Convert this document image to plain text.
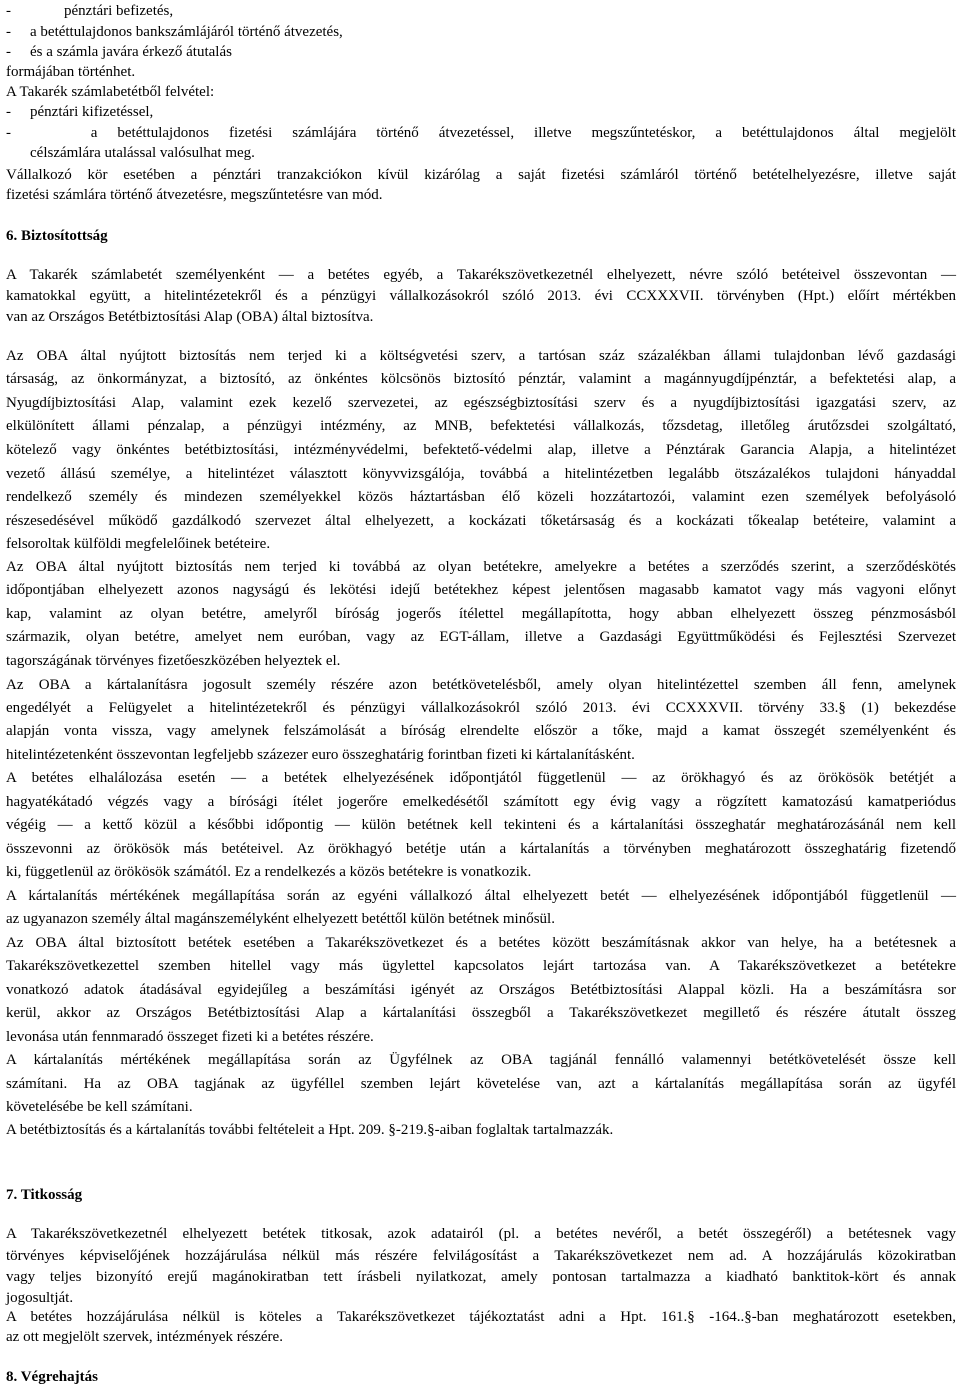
-	pénztári befizetés,
- a betéttulajdonos bankszámlájáról történő átvezetés,
- és a számla javára érkező átutalás
formájában történhet.
A Takarék számlabetétből felvétel:
- pénztári kifizetéssel,
-	a betéttulajdonos fizetési számlájára történő átvezetéssel, illetve megszűntetéskor, a betéttulajdonos által megjelölt
célszámlára utalással valósulhat meg.
Vállalkozó kör esetében a pénztári tranzakciókon kívül kizárólag a saját fizetési számláról történő betételhelyezésre, illetve saját
fizetési számlára történő átvezetésre, megszűntetésre van mód.
6. Biztosítottság
A Takarék számlabetét személyenként ― a betétes egyéb, a Takarékszövetkezetnél elhelyezett, névre szóló betéteivel összevontan ―
kamatokkal együtt, a hitelintézetekről és a pénzügyi vállalkozásokról szóló 2013. évi CCXXXVII. törvényben (Hpt.) előírt mértékben
van az Országos Betétbiztosítási Alap (OBA) által biztosítva.
Az OBA által nyújtott biztosítás nem terjed ki a költségvetési szerv, a tartósan száz százalékban állami tulajdonban lévő gazdasági
társaság, az önkormányzat, a biztosító, az önkéntes kölcsönös biztosító pénztár, valamint a magánnyugdíjpénztár, a befektetési alap, a
Nyugdíjbiztosítási Alap, valamint ezek kezelő szervezetei, az egészségbiztosítási szerv és a nyugdíjbiztosítási igazgatási szerv, az
elkülönített állami pénzalap, a pénzügyi intézmény, az MNB, befektetési vállalkozás, tőzsdetag, illetőleg árutőzsdei szolgáltató,
kötelező vagy önkéntes betétbiztosítási, intézményvédelmi, befektető-védelmi alap, illetve a Pénztárak Garancia Alapja, a hitelintézet
vezető állású személye, a hitelintézet választott könyvvizsgálója, továbbá a hitelintézetben legalább ötszázalékos tulajdoni hányaddal
rendelkező személy és mindezen személyekkel közös háztartásban élő közeli hozzátartozói, valamint ezen személyek befolyásoló
részesedésével működő gazdálkodó szervezet által elhelyezett, a kockázati tőketársaság és a kockázati tőkealap betéteire, valamint a
felsoroltak külföldi megfelelőinek betéteire.
Az OBA által nyújtott biztosítás nem terjed ki továbbá az olyan betétekre, amelyekre a betétes a szerződés szerint, a szerződéskötés
időpontjában elhelyezett azonos nagyságú és lekötési idejű betétekhez képest jelentősen magasabb kamatot vagy más vagyoni előnyt
kap, valamint az olyan betétre, amelyről bíróság jogerős ítélettel megállapította, hogy abban elhelyezett összeg pénzmosásból
származik, olyan betétre, amelyet nem euróban, vagy az EGT-állam, illetve a Gazdasági Együttműködési és Fejlesztési Szervezet
tagországának törvényes fizetőeszközében helyeztek el.
Az OBA a kártalanításra jogosult személy részére azon betétkövetelésből, amely olyan hitelintézettel szemben áll fenn, amelynek
engedélyét a Felügyelet a hitelintézetekről és pénzügyi vállalkozásokról szóló 2013. évi CCXXXVII. törvény 33.§ (1) bekezdése
alapján vonta vissza, vagy amelynek felszámolását a bíróság elrendelte először a tőke, majd a kamat összegét személyenként és
hitelintézetenként összevontan legfeljebb százezer euro összeghatárig forintban fizeti ki kártalanításként.
A betétes elhalálozása esetén ― a betétek elhelyezésének időpontjától függetlenül ― az örökhagyó és az örökösök betétjét a
hagyatékátadó végzés vagy a bírósági ítélet jogerőre emelkedésétől számított egy évig vagy a rögzített kamatozású kamatperiódus
végéig ― a kettő közül a későbbi időpontig ― külön betétnek kell tekinteni és a kártalanítási összeghatár meghatározásánál nem kell
összevonni az örökösök más betéteivel. Az örökhagyó betétje után a kártalanítás a törvényben meghatározott összeghatárig fizetendő
ki, függetlenül az örökösök számától. Ez a rendelkezés a közös betétekre is vonatkozik.
A kártalanítás mértékének megállapítása során az egyéni vállalkozó által elhelyezett betét ― elhelyezésének időpontjából függetlenül ―
az ugyanazon személy által magánszemélyként elhelyezett betéttől külön betétnek minősül.
Az OBA által biztosított betétek esetében a Takarékszövetkezet és a betétes között beszámításnak akkor van helye, ha a betétesnek a
Takarékszövetkezettel szemben hitellel vagy más ügylettel kapcsolatos lejárt tartozása van. A Takarékszövetkezet a betétekre
vonatkozó adatok átadásával egyidejűleg a beszámítási igényét az Országos Betétbiztosítási Alappal közli. Ha a beszámításra sor
kerül, akkor az Országos Betétbiztosítási Alap a kártalanítási összegből a Takarékszövetkezet megillető és részére átutalt összeg
levonása után fennmaradó összeget fizeti ki a betétes részére.
A kártalanítás mértékének megállapítása során az Ügyfélnek az OBA tagjánál fennálló valamennyi betétkövetelését össze kell
számítani. Ha az OBA tagjának az ügyféllel szemben lejárt követelése van, azt a kártalanítás megállapítása során az ügyfél
követelésébe be kell számítani.
A betétbiztosítás és a kártalanítás további feltételeit a Hpt. 209. §-219.§-aiban foglaltak tartalmazzák.
7. Titkosság
A Takarékszövetkezetnél elhelyezett betétek titkosak, azok adatairól (pl. a betétes nevéről, a betét összegéről) a betétesnek vagy
törvényes képviselőjének hozzájárulása nélkül más részére felvilágosítást a Takarékszövetkezet nem ad. A hozzájárulás közokiratban
vagy teljes bizonyító erejű magánokiratban tett írásbeli nyilatkozat, amely pontosan tartalmazza a kiadható banktitok-kört és annak
jogosultját.
A betétes hozzájárulása nélkül is köteles a Takarékszövetkezet tájékoztatást adni a Hpt. 161.§ -164..§-ban meghatározott esetekben,
az ott megjelölt szervek, intézmények részére.
8. Végrehajtás
